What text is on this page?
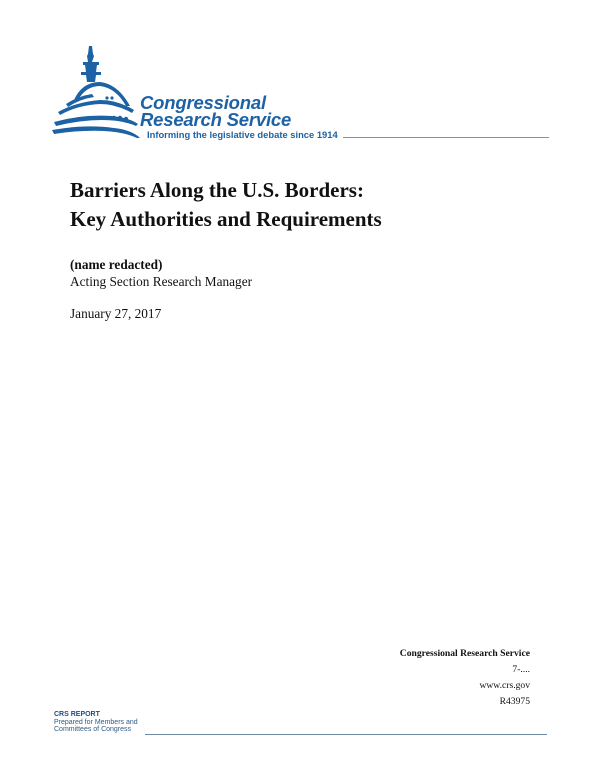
Congressional
Research Service
Informing the legislative debate since 1914
Barriers Along the U.S. Borders:
Key Authorities and Requirements
(name redacted)
Acting Section Research Manager
January 27, 2017
Congressional Research Service
7-....
www.crs.gov
R43975
CRS REPORT
Prepared for Members and
Committees of Congress
